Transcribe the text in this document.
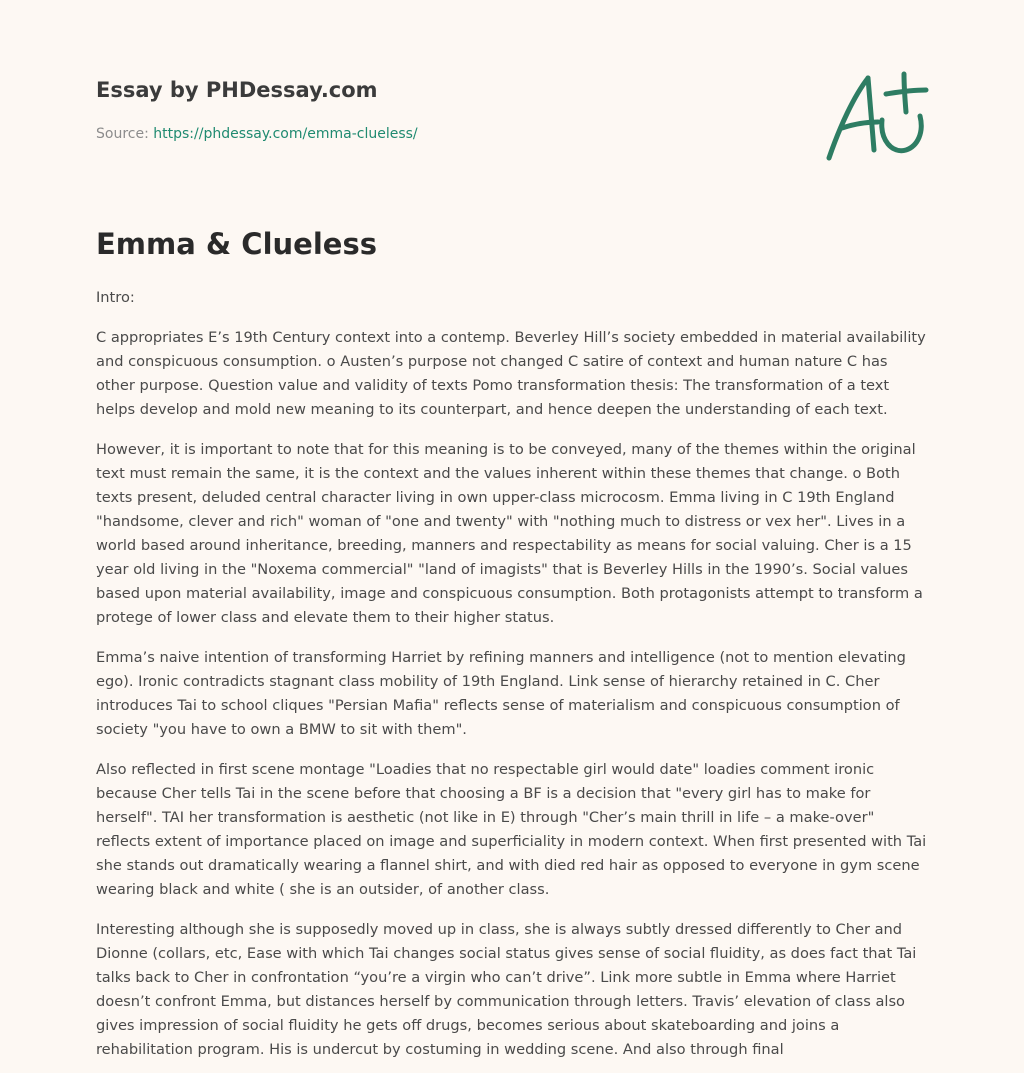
Essay by PHDessay.com
Source: https://phdessay.com/emma-clueless/
Emma & Clueless

Intro:

C appropriates E’s 19th Century context into a contemp. Beverley Hill’s society embedded in material availability and conspicuous consumption. o Austen’s purpose not changed C satire of context and human nature C has other purpose. Question value and validity of texts Pomo transformation thesis: The transformation of a text helps develop and mold new meaning to its counterpart, and hence deepen the understanding of each text.

However, it is important to note that for this meaning is to be conveyed, many of the themes within the original text must remain the same, it is the context and the values inherent within these themes that change. o Both texts present, deluded central character living in own upper-class microcosm. Emma living in C 19th England "handsome, clever and rich" woman of "one and twenty" with "nothing much to distress or vex her". Lives in a world based around inheritance, breeding, manners and respectability as means for social valuing. Cher is a 15 year old living in the "Noxema commercial" "land of imagists" that is Beverley Hills in the 1990’s. Social values based upon material availability, image and conspicuous consumption. Both protagonists attempt to transform a protege of lower class and elevate them to their higher status.

Emma’s naive intention of transforming Harriet by refining manners and intelligence (not to mention elevating ego). Ironic contradicts stagnant class mobility of 19th England. Link sense of hierarchy retained in C. Cher introduces Tai to school cliques "Persian Mafia" reflects sense of materialism and conspicuous consumption of society "you have to own a BMW to sit with them".

Also reflected in first scene montage "Loadies that no respectable girl would date" loadies comment ironic because Cher tells Tai in the scene before that choosing a BF is a decision that "every girl has to make for herself". TAI her transformation is aesthetic (not like in E) through "Cher’s main thrill in life – a make-over" reflects extent of importance placed on image and superficiality in modern context. When first presented with Tai she stands out dramatically wearing a flannel shirt, and with died red hair as opposed to everyone in gym scene wearing black and white ( she is an outsider, of another class.

Interesting although she is supposedly moved up in class, she is always subtly dressed differently to Cher and Dionne (collars, etc, Ease with which Tai changes social status gives sense of social fluidity, as does fact that Tai talks back to Cher in confrontation “you’re a virgin who can’t drive”. Link more subtle in Emma where Harriet doesn’t confront Emma, but distances herself by communication through letters. Travis’ elevation of class also gives impression of social fluidity he gets off drugs, becomes serious about skateboarding and joins a rehabilitation program. His is undercut by costuming in wedding scene. And also through final
